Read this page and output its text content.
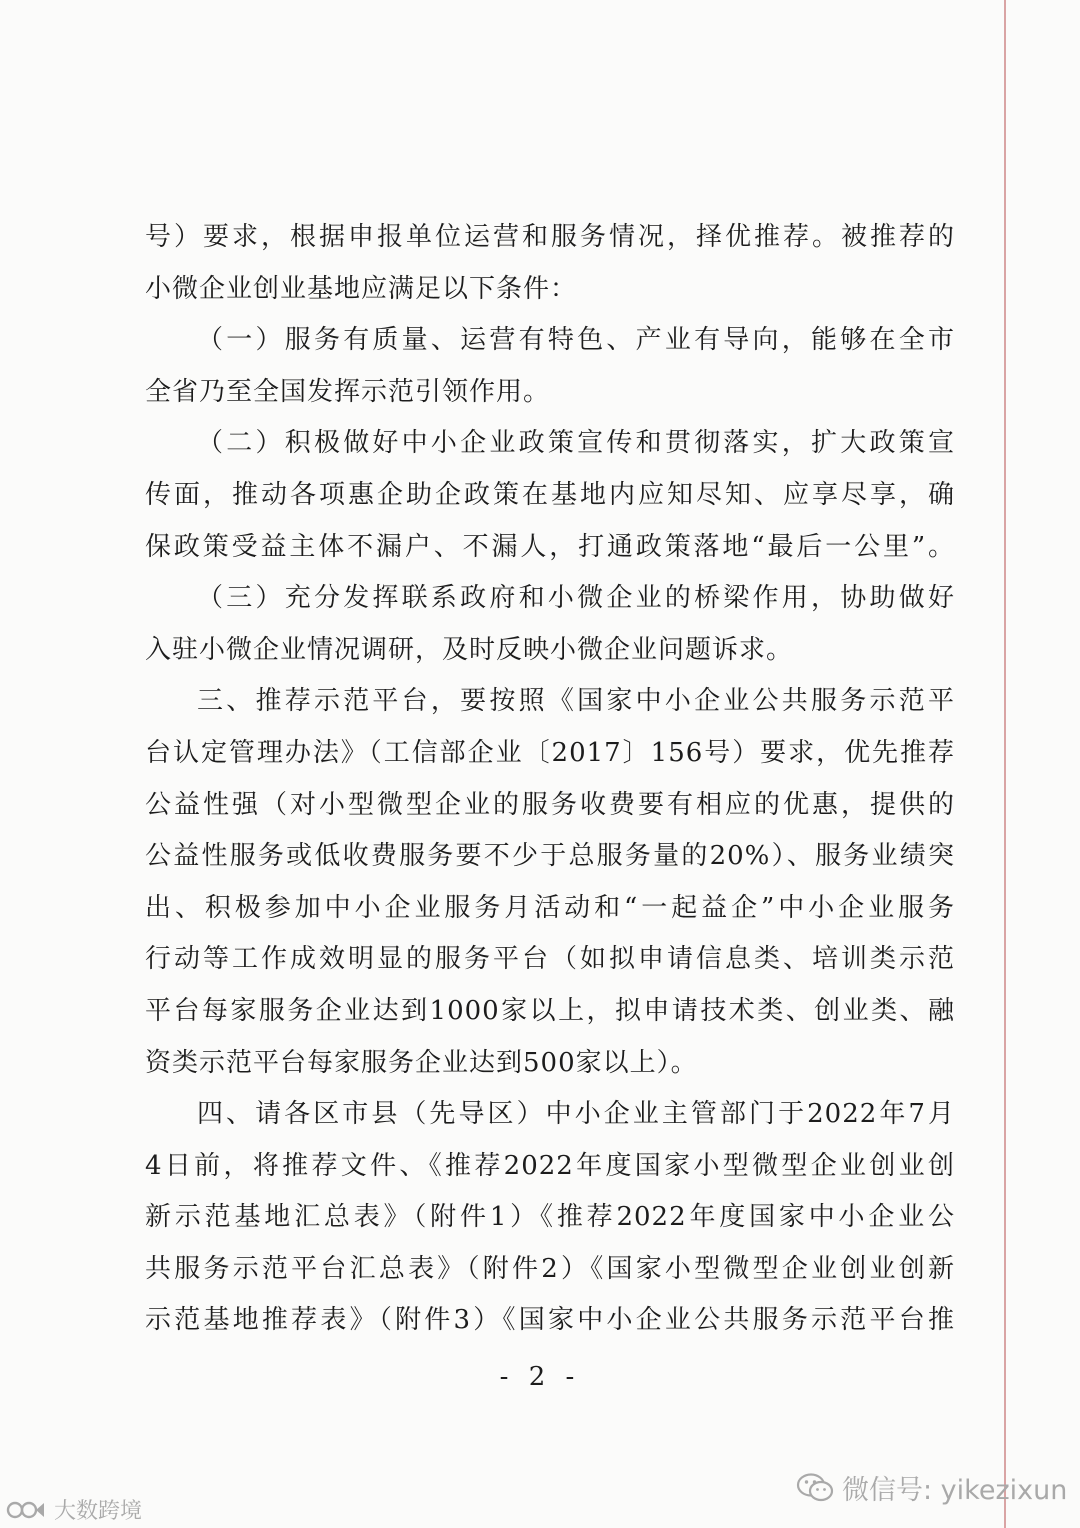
号）要求，根据申报单位运营和服务情况，择优推荐。被推荐的
小微企业创业基地应满足以下条件：
（一）服务有质量、运营有特色、产业有导向，能够在全市
全省乃至全国发挥示范引领作用。
（二）积极做好中小企业政策宣传和贯彻落实，扩大政策宣
传面，推动各项惠企助企政策在基地内应知尽知、应享尽享，确
保政策受益主体不漏户、不漏人，打通政策落地“最后一公里”。
（三）充分发挥联系政府和小微企业的桥梁作用，协助做好
入驻小微企业情况调研，及时反映小微企业问题诉求。
三、推荐示范平台，要按照《国家中小企业公共服务示范平
台认定管理办法》（工信部企业〔2017〕156号）要求，优先推荐
公益性强（对小型微型企业的服务收费要有相应的优惠，提供的
公益性服务或低收费服务要不少于总服务量的20%）、服务业绩突
出、积极参加中小企业服务月活动和“一起益企”中小企业服务
行动等工作成效明显的服务平台（如拟申请信息类、培训类示范
平台每家服务企业达到1000家以上，拟申请技术类、创业类、融
资类示范平台每家服务企业达到500家以上）。
四、请各区市县（先导区）中小企业主管部门于2022年7月
4日前，将推荐文件、《推荐2022年度国家小型微型企业创业创
新示范基地汇总表》（附件1）《推荐2022年度国家中小企业公
共服务示范平台汇总表》（附件2）《国家小型微型企业创业创新
示范基地推荐表》（附件3）《国家中小企业公共服务示范平台推
- 2 -
微信号: yikezixun
大数跨境
